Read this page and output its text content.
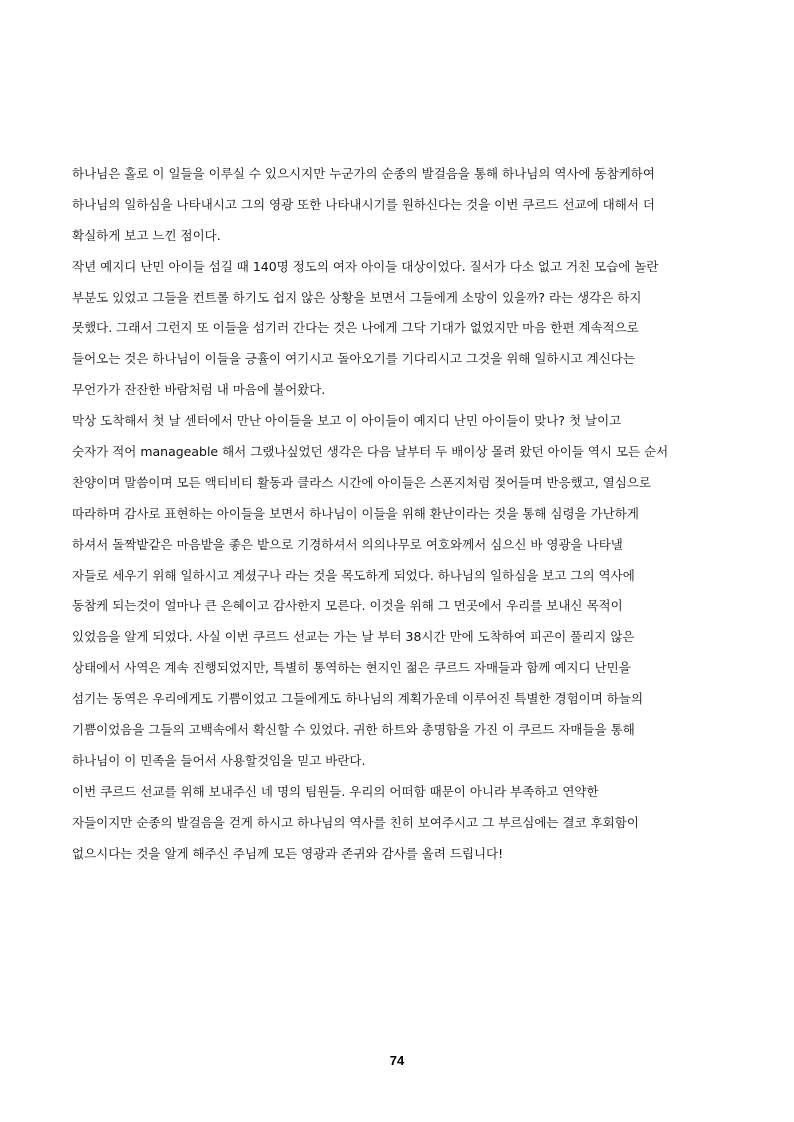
하나님은 홀로 이 일들을 이루실 수 있으시지만 누군가의 순종의 발걸음을 통해 하나님의 역사에 동참케하여
하나님의 일하심을 나타내시고 그의 영광 또한 나타내시기를 원하신다는 것을 이번 쿠르드 선교에 대해서 더
확실하게 보고 느낀 점이다.
작년 예지디 난민 아이들 섬길 때 140명 정도의 여자 아이들 대상이었다. 질서가 다소 없고 거친 모습에 놀란
부분도 있었고 그들을 컨트롤 하기도 쉽지 않은 상황을 보면서 그들에게 소망이 있을까? 라는 생각은 하지
못했다. 그래서 그런지 또 이들을 섬기러 간다는 것은 나에게 그닥 기대가 없었지만 마음 한편 계속적으로
들어오는 것은 하나님이 이들을 긍휼이 여기시고 돌아오기를 기다리시고 그것을 위해 일하시고 계신다는
무언가가 잔잔한 바람처럼 내 마음에 불어왔다.
막상 도착해서 첫 날 센터에서 만난 아이들을 보고 이 아이들이 예지디 난민 아이들이 맞나? 첫 날이고
숫자가 적어 manageable 해서 그랬나싶었던 생각은 다음 날부터 두 배이상 몰려 왔던 아이들 역시 모든 순서
찬양이며 말씀이며 모든 액티비티 활동과 클라스 시간에 아이들은 스폰지처럼 젖어들며 반응했고, 열심으로
따라하며 감사로 표현하는 아이들을 보면서 하나님이 이들을 위해 환난이라는 것을 통해 심령을 가난하게
하셔서 돌짝밭같은 마음밭을 좋은 밭으로 기경하셔서 의의나무로 여호와께서 심으신 바 영광을 나타낼
자들로 세우기 위해 일하시고 계셨구나 라는 것을 목도하게 되었다. 하나님의 일하심을 보고 그의 역사에
동참케 되는것이 얼마나 큰 은혜이고 감사한지 모른다. 이것을 위해 그 먼곳에서 우리를 보내신 목적이
있었음을 알게 되었다. 사실 이번 쿠르드 선교는 가는 날 부터 38시간 만에 도착하여 피곤이 풀리지 않은
상태에서 사역은 계속 진행되었지만, 특별히 통역하는 현지인 젊은 쿠르드 자매들과 함께 예지디 난민을
섬기는 동역은 우리에게도 기쁨이었고 그들에게도 하나님의 계획가운데 이루어진 특별한 경험이며 하늘의
기쁨이었음을 그들의 고백속에서 확신할 수 있었다. 귀한 하트와 총명함을 가진 이 쿠르드 자매들을 통해
하나님이 이 민족을 들어서 사용할것임을 믿고 바란다.
이번 쿠르드 선교를 위해 보내주신 네 명의 팀원들. 우리의 어떠함 때문이 아니라 부족하고 연약한
자들이지만 순종의 발걸음을 걷게 하시고 하나님의 역사를 친히 보여주시고 그 부르심에는 결코 후회함이
없으시다는 것을 알게 해주신 주님께 모든 영광과 존귀와 감사를 올려 드립니다!
74
